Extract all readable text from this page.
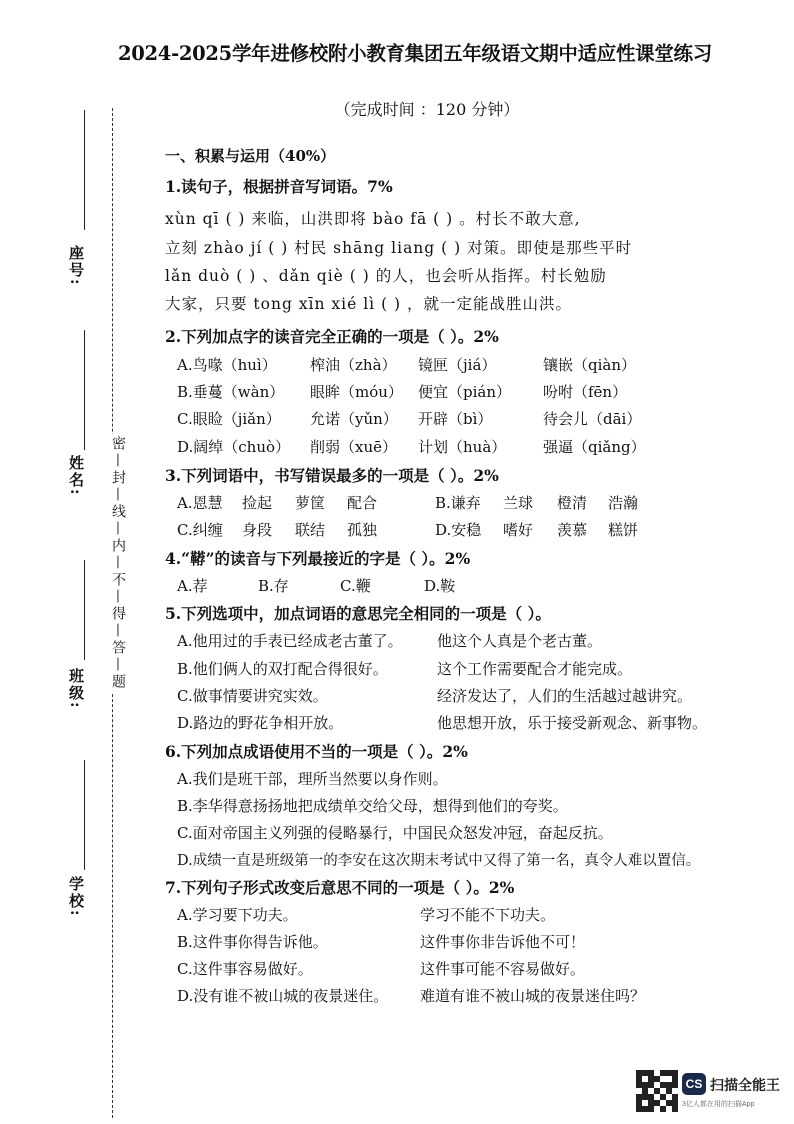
座号:
姓名:
班级:
学校:
密—封—线—内—不—得—答—题
2024-2025学年进修校附小教育集团五年级语文期中适应性课堂练习
（完成时间 ：120 分钟）
一、积累与运用（40%）
1.读句子，根据拼音写词语。7%
xùn qī ( ) 来临，山洪即将 bào fā ( ) 。村长不敢大意,
立刻 zhào jí ( ) 村民 shāng liang ( ) 对策。即使是那些平时
lǎn duò ( ) 、dǎn qiè ( ) 的人，也会听从指挥。村长勉励
大家，只要 tong xīn xié lì ( ) ，就一定能战胜山洪。
2.下列加点字的读音完全正确的一项是（ ）。2%
A.鸟喙（huì） 榨油（zhà） 镜匣（jiá）	镶嵌（qiàn）
B.垂蔓（wàn） 眼眸（móu） 便宜（pián） 吩咐（fēn）
C.眼睑（jiǎn） 允诺（yǔn） 开辟（bì）	待会儿（dāi）
D.阔绰（chuò） 削弱（xuē） 计划（huà） 强逼（qiǎng）
3.下列词语中，书写错误最多的一项是（ ）。2%
A.恩慧 捡起 萝筐 配合	B.谦弃 兰球 橙清 浩瀚
C.纠缠 身段 联结 孤独	D.安稳 嗜好 羡慕 糕饼
4.“鞯”的读音与下列最接近的字是（ ）。2%
A.荐	B.存	C.鞭	D.鞍
5.下列选项中，加点词语的意思完全相同的一项是（ ）。
A.他用过的手表已经成老古董了。 他这个人真是个老古董。
B.他们俩人的双打配合得很好。	这个工作需要配合才能完成。
C.做事情要讲究实效。	经济发达了，人们的生活越过越讲究。
D.路边的野花争相开放。	他思想开放，乐于接受新观念、新事物。
6.下列加点成语使用不当的一项是（ ）。2%
A.我们是班干部，理所当然要以身作则。
B.李华得意扬扬地把成绩单交给父母，想得到他们的夸奖。
C.面对帝国主义列强的侵略暴行，中国民众怒发冲冠，奋起反抗。
D.成绩一直是班级第一的李安在这次期末考试中又得了第一名，真令人难以置信。
7.下列句子形式改变后意思不同的一项是（ ）。2%
A.学习要下功夫。	学习不能不下功夫。
B.这件事你得告诉他。	这件事你非告诉他不可！
C.这件事容易做好。	这件事可能不容易做好。
D.没有谁不被山城的夜景迷住。 难道有谁不被山城的夜景迷住吗？
CS 扫描全能王
3亿人都在用的扫描App
